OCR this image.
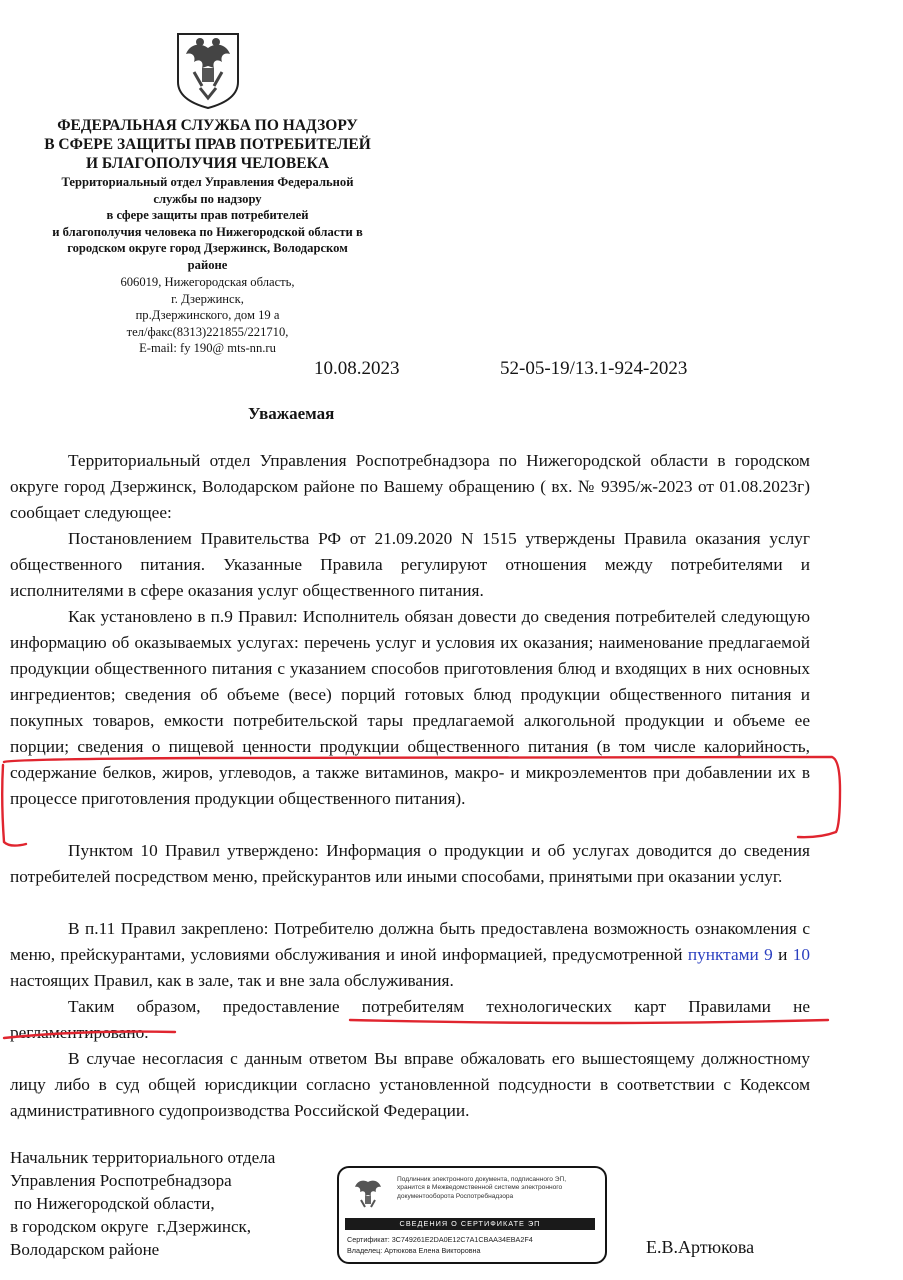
ФЕДЕРАЛЬНАЯ СЛУЖБА ПО НАДЗОРУ
В СФЕРЕ ЗАЩИТЫ ПРАВ ПОТРЕБИТЕЛЕЙ
И БЛАГОПОЛУЧИЯ ЧЕЛОВЕКА
Территориальный отдел Управления Федеральной
службы по надзору
в сфере защиты прав потребителей
и благополучия человека по Нижегородской области в
городском округе город Дзержинск, Володарском
районе
606019, Нижегородская область,
г. Дзержинск,
пр.Дзержинского, дом 19 а
тел/факс(8313)221855/221710,
E-mail: fy 190@ mts-nn.ru
10.08.2023	52-05-19/13.1-924-2023
Уважаемая
Территориальный отдел Управления Роспотребнадзора по Нижегородской области в городском округе город Дзержинск, Володарском районе по Вашему обращению ( вх. № 9395/ж-2023 от 01.08.2023г) сообщает следующее:
Постановлением Правительства РФ от 21.09.2020 N 1515 утверждены Правила оказания услуг общественного питания. Указанные Правила регулируют отношения между потребителями и исполнителями в сфере оказания услуг общественного питания.
Как установлено в п.9 Правил: Исполнитель обязан довести до сведения потребителей следующую информацию об оказываемых услугах: перечень услуг и условия их оказания; наименование предлагаемой продукции общественного питания с указанием способов приготовления блюд и входящих в них основных ингредиентов; сведения об объеме (весе) порций готовых блюд продукции общественного питания и покупных товаров, емкости потребительской тары предлагаемой алкогольной продукции и объеме ее порции; сведения о пищевой ценности продукции общественного питания (в том числе калорийность, содержание белков, жиров, углеводов, а также витаминов, макро- и микроэлементов при добавлении их в процессе приготовления продукции общественного питания).
Пунктом 10 Правил утверждено: Информация о продукции и об услугах доводится до сведения потребителей посредством меню, прейскурантов или иными способами, принятыми при оказании услуг.
В п.11 Правил закреплено: Потребителю должна быть предоставлена возможность ознакомления с меню, прейскурантами, условиями обслуживания и иной информацией, предусмотренной пунктами 9 и 10 настоящих Правил, как в зале, так и вне зала обслуживания.
Таким образом, предоставление потребителям технологических карт Правилами не регламентировано.
В случае несогласия с данным ответом Вы вправе обжаловать его вышестоящему должностному лицу либо в суд общей юрисдикции согласно установленной подсудности в соответствии с Кодексом административного судопроизводства Российской Федерации.
Начальник территориального отдела
Управления Роспотребнадзора
по Нижегородской области,
в городском округе  г.Дзержинск,
Володарском районе
Подлинник электронного документа, подписанного ЭП,
хранится в Межведомственной системе электронного
документооборота Роспотребнадзора
СВЕДЕНИЯ О СЕРТИФИКАТЕ ЭП
Сертификат: 3C749261E2DA0E12C7A1CBAA34EBA2F4
Владелец: Артюкова Елена Викторовна	Е.В.Артюкова
